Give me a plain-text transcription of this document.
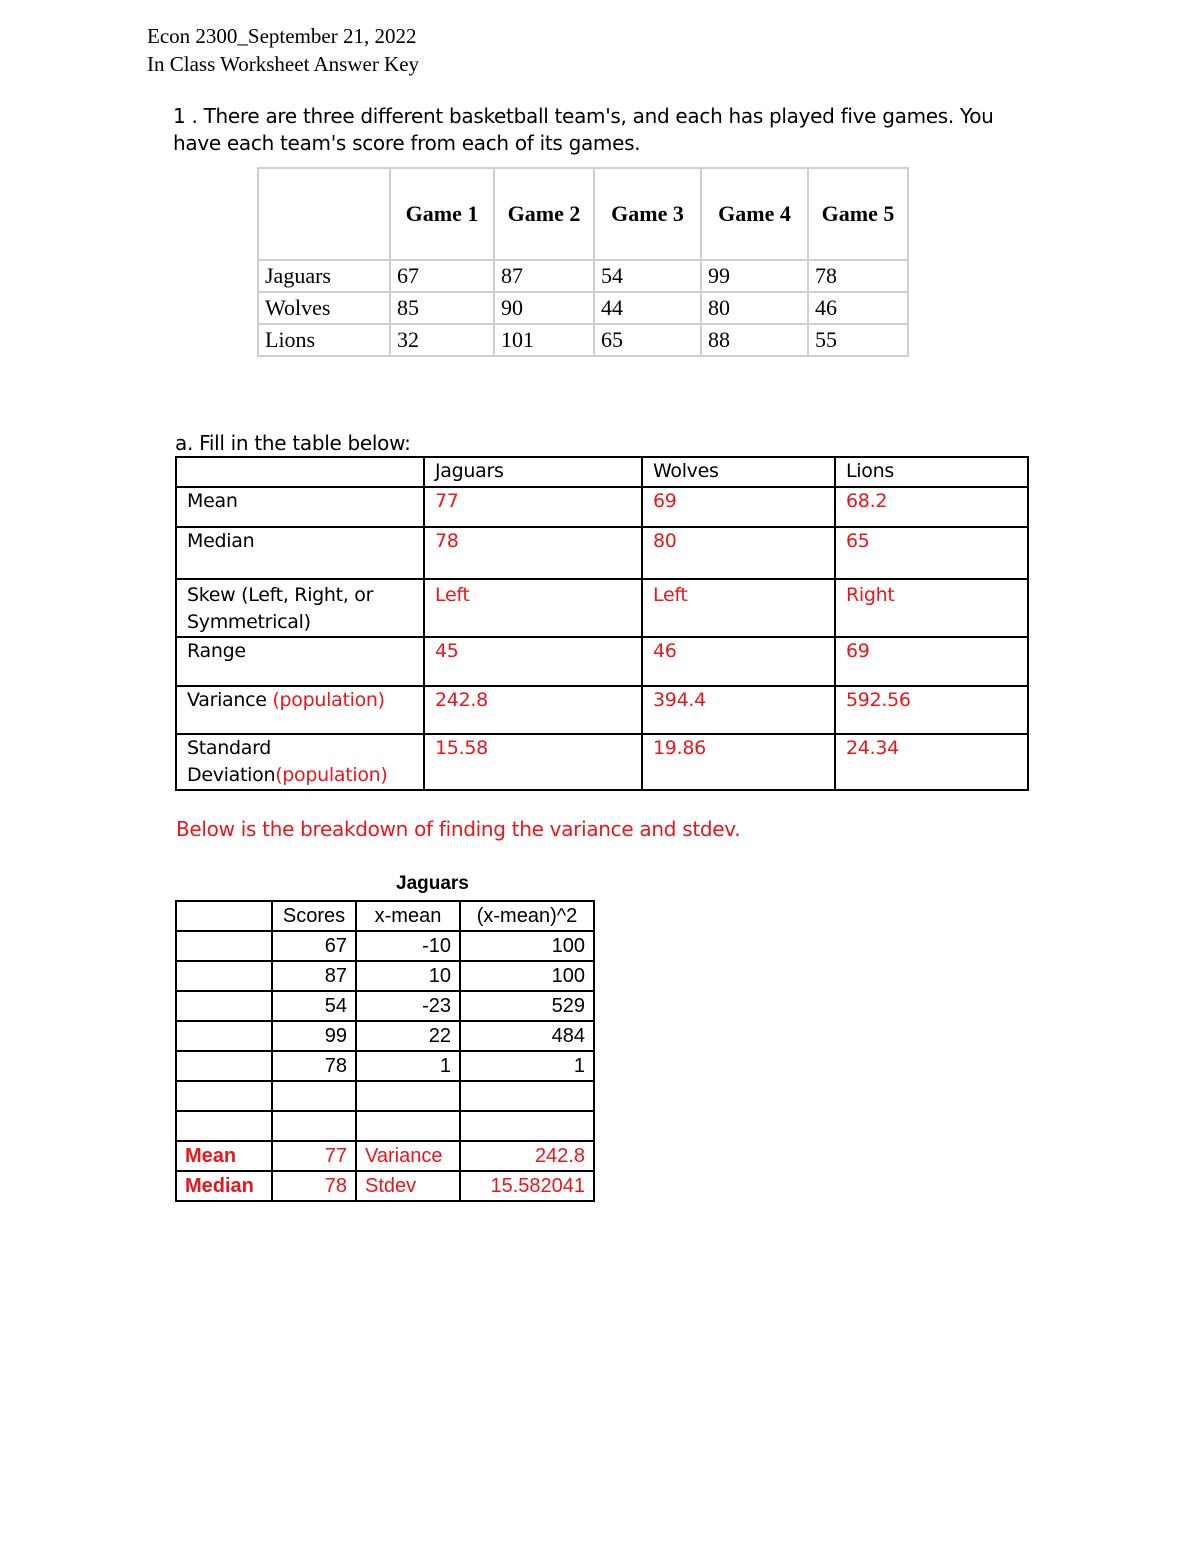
Econ 2300_September 21, 2022
In Class Worksheet Answer Key
1 . There are three different basketball team's, and each has played five games. You have each team's score from each of its games.
	Game 1	Game 2	Game 3	Game 4	Game 5
Jaguars	67	87	54	99	78
Wolves	85	90	44	80	46
Lions	32	101	65	88	55
a. Fill in the table below:
	Jaguars	Wolves	Lions
Mean	77	69	68.2
Median	78	80	65
Skew (Left, Right, or Symmetrical)	Left	Left	Right
Range	45	46	69
Variance (population)	242.8	394.4	592.56
Standard Deviation(population)	15.58	19.86	24.34
Below is the breakdown of finding the variance and stdev.
Jaguars
	Scores	x-mean	(x-mean)^2
	67	-10	100
	87	10	100
	54	-23	529
	99	22	484
	78	1	1

Mean	77	Variance	242.8
Median	78	Stdev	15.582041
